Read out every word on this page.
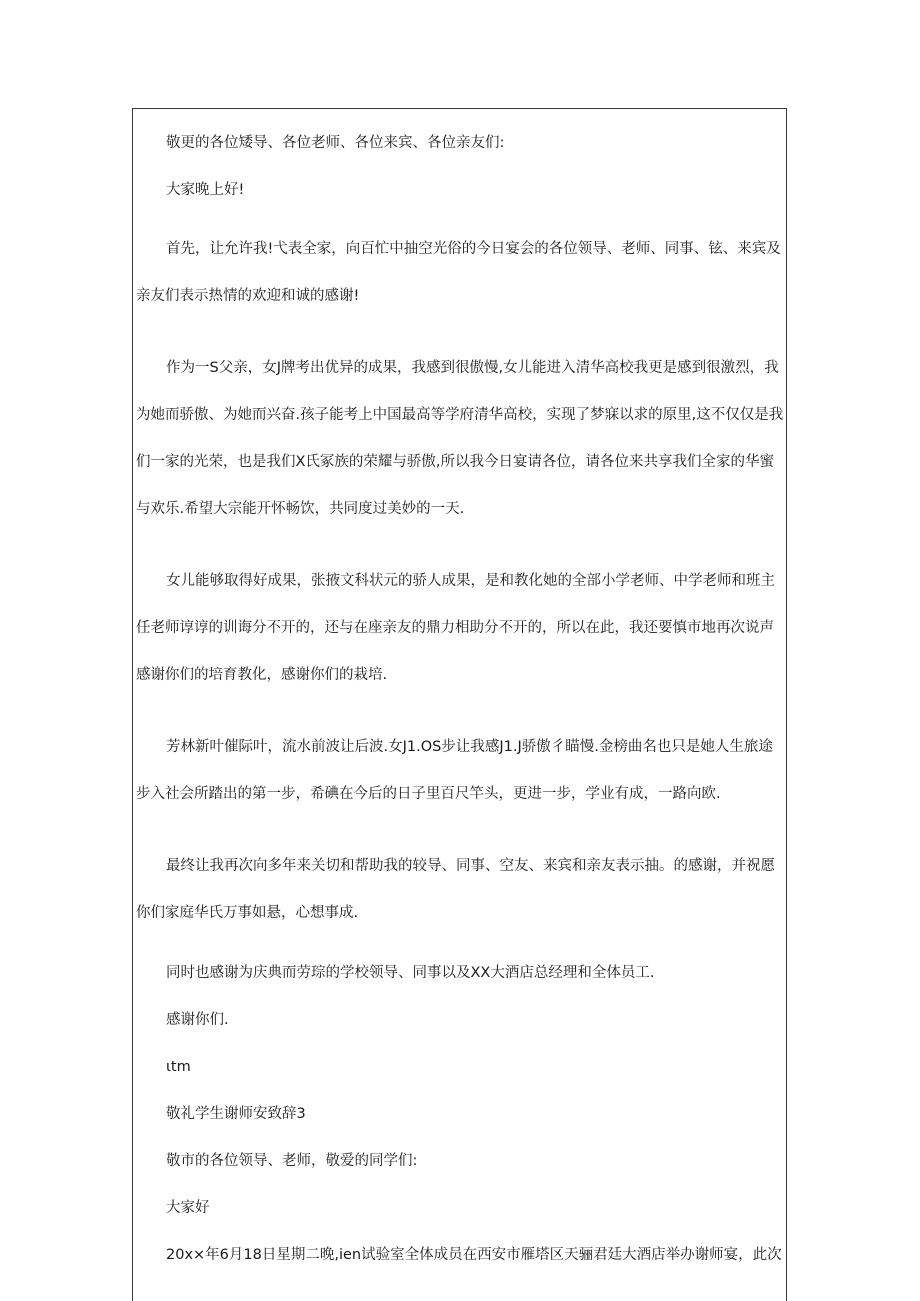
敬更的各位矮导、各位老师、各位来宾、各位亲友们:

大家晚上好!

首先，让允许我!弋表全家，向百忙中抽空光俗的今日宴会的各位领导、老师、同事、铉、来宾及亲友们表示热情的欢迎和诚的感谢!

作为一S父亲，女J牌考出优异的成果，我感到很傲慢,女儿能进入清华高校我更是感到很激烈，我为她而骄傲、为她而兴奋.孩子能考上中国最高等学府清华高校，实现了梦寐以求的原里,这不仅仅是我们一家的光荣，也是我们X氏冢族的荣耀与骄傲,所以我今日宴请各位，请各位来共享我们全家的华蜜与欢乐.希望大宗能开怀畅饮，共同度过美妙的一天.

女儿能够取得好成果，张掖文科状元的骄人成果，是和教化她的全部小学老师、中学老师和班主任老师谆谆的训诲分不开的，还与在座亲友的鼎力相助分不开的，所以在此，我还要慎市地再次说声感谢你们的培育教化，感谢你们的栽培.

芳林新叶催际叶，流水前波让后波.女J1.OS步让我感J1.J骄傲彳瞄慢.金榜曲名也只是她人生旅途步入社会所踏出的第一步，希碘在今后的日子里百尺竿头，更进一步，学业有成，一路向欧.

最终让我再次向多年来关切和帮助我的较导、同事、空友、来宾和亲友表示抽。的感谢，并祝愿你们家庭华氏万事如悬，心想事成.

同时也感谢为庆典而劳琮的学校领导、同事以及XX大酒店总经理和全体员工.

感谢你们.

ιtm

敬礼学生谢师安致辞3

敬市的各位领导、老师，敬爱的同学们:

大家好

20x×年6月18日星期二晚,ien试验室全体成员在西安市雁塔区天骊君廷大酒店举办谢师宴，此次
